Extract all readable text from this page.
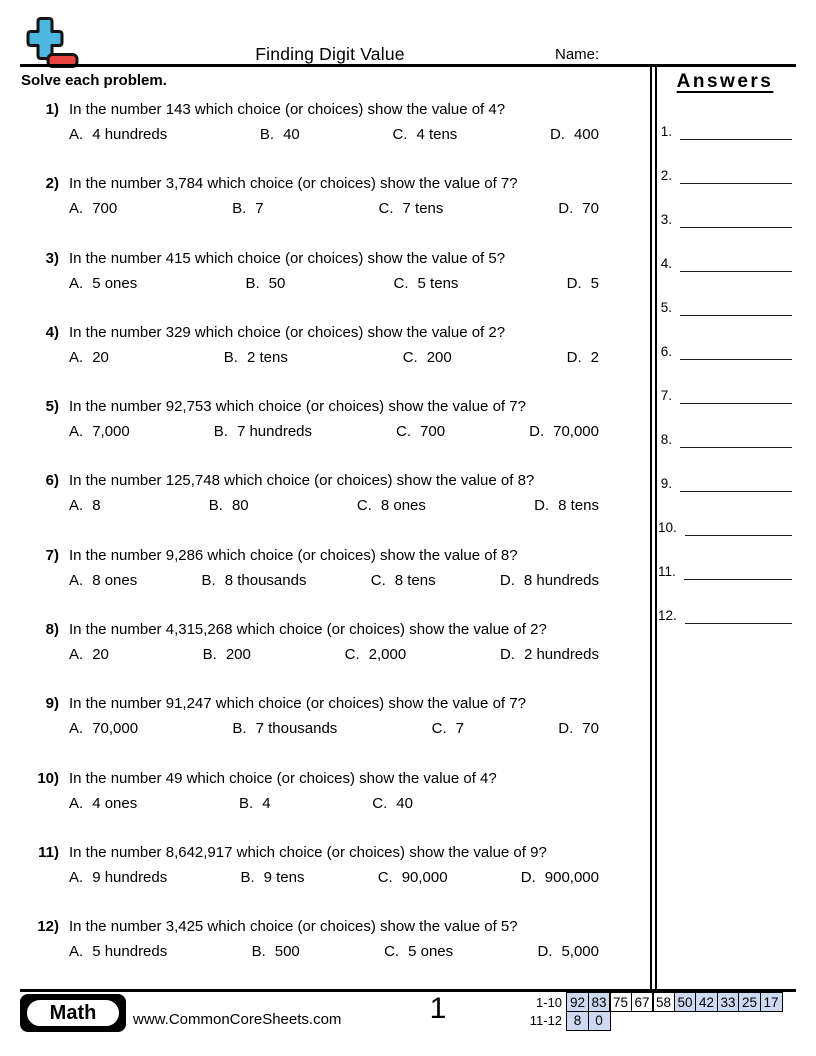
Finding Digit Value	Name:
Solve each problem.
1) In the number 143 which choice (or choices) show the value of 4?
A. 4 hundreds	B. 40	C. 4 tens	D. 400
2) In the number 3,784 which choice (or choices) show the value of 7?
A. 700	B. 7	C. 7 tens	D. 70
3) In the number 415 which choice (or choices) show the value of 5?
A. 5 ones	B. 50	C. 5 tens	D. 5
4) In the number 329 which choice (or choices) show the value of 2?
A. 20	B. 2 tens	C. 200	D. 2
5) In the number 92,753 which choice (or choices) show the value of 7?
A. 7,000	B. 7 hundreds	C. 700	D. 70,000
6) In the number 125,748 which choice (or choices) show the value of 8?
A. 8	B. 80	C. 8 ones	D. 8 tens
7) In the number 9,286 which choice (or choices) show the value of 8?
A. 8 ones	B. 8 thousands	C. 8 tens	D. 8 hundreds
8) In the number 4,315,268 which choice (or choices) show the value of 2?
A. 20	B. 200	C. 2,000	D. 2 hundreds
9) In the number 91,247 which choice (or choices) show the value of 7?
A. 70,000	B. 7 thousands	C. 7	D. 70
10) In the number 49 which choice (or choices) show the value of 4?
A. 4 ones	B. 4	C. 40
11) In the number 8,642,917 which choice (or choices) show the value of 9?
A. 9 hundreds	B. 9 tens	C. 90,000	D. 900,000
12) In the number 3,425 which choice (or choices) show the value of 5?
A. 5 hundreds	B. 500	C. 5 ones	D. 5,000
Answers
1.
2.
3.
4.
5.
6.
7.
8.
9.
10.
11.
12.
Math	www.CommonCoreSheets.com	1	1-10 92 83 75 67 58 50 42 33 25 17
11-12 8	0
